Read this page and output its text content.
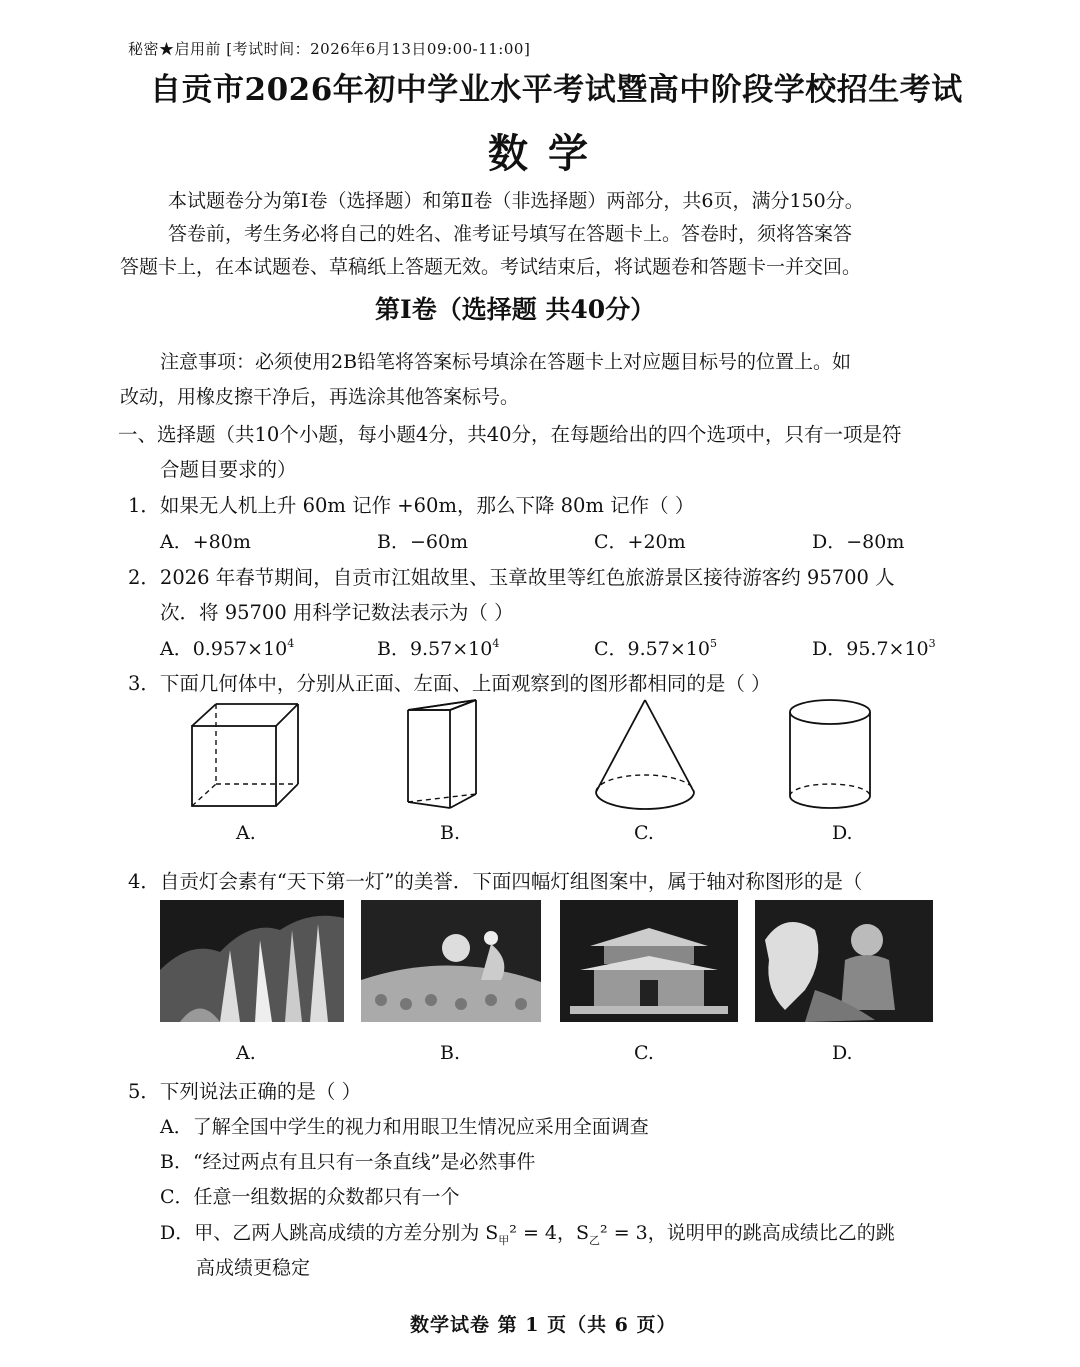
秘密★启用前 [考试时间：2026年6月13日09:00-11:00]
自贡市2026年初中学业水平考试暨高中阶段学校招生考试
数学
本试题卷分为第Ⅰ卷（选择题）和第Ⅱ卷（非选择题）两部分，共6页，满分150分。
答卷前，考生务必将自己的姓名、准考证号填写在答题卡上。答卷时，须将答案答
答题卡上，在本试题卷、草稿纸上答题无效。考试结束后，将试题卷和答题卡一并交回。
第Ⅰ卷（选择题 共40分）
注意事项：必须使用2B铅笔将答案标号填涂在答题卡上对应题目标号的位置上。如
改动，用橡皮擦干净后，再选涂其他答案标号。
一、选择题（共10个小题，每小题4分，共40分，在每题给出的四个选项中，只有一项是符
合题目要求的）
1．如果无人机上升 60m 记作 +60m，那么下降 80m 记作（ ）
A．+80m	B．−60m	C．+20m	D．−80m
2．2026 年春节期间，自贡市江姐故里、玉章故里等红色旅游景区接待游客约 95700 人
次．将 95700 用科学记数法表示为（ ）
A．$0.957\times 10^4$	B．$9.57\times 10^4$	C．$9.57\times 10^5$	D．$95.7\times 10^3$
3．下面几何体中，分别从正面、左面、上面观察到的图形都相同的是（ ）
A.	B.	C.	D.
4．自贡灯会素有“天下第一灯”的美誉．下面四幅灯组图案中，属于轴对称图形的是（
A.	B.	C.	D.
5．下列说法正确的是（ ）
A．了解全国中学生的视力和用眼卫生情况应采用全面调查
B．“经过两点有且只有一条直线”是必然事件
C．任意一组数据的众数都只有一个
D．甲、乙两人跳高成绩的方差分别为 $S_甲^2 = 4$，$S_乙^2 = 3$，说明甲的跳高成绩比乙的跳
高成绩更稳定
数学试卷 第 1 页（共 6 页）
